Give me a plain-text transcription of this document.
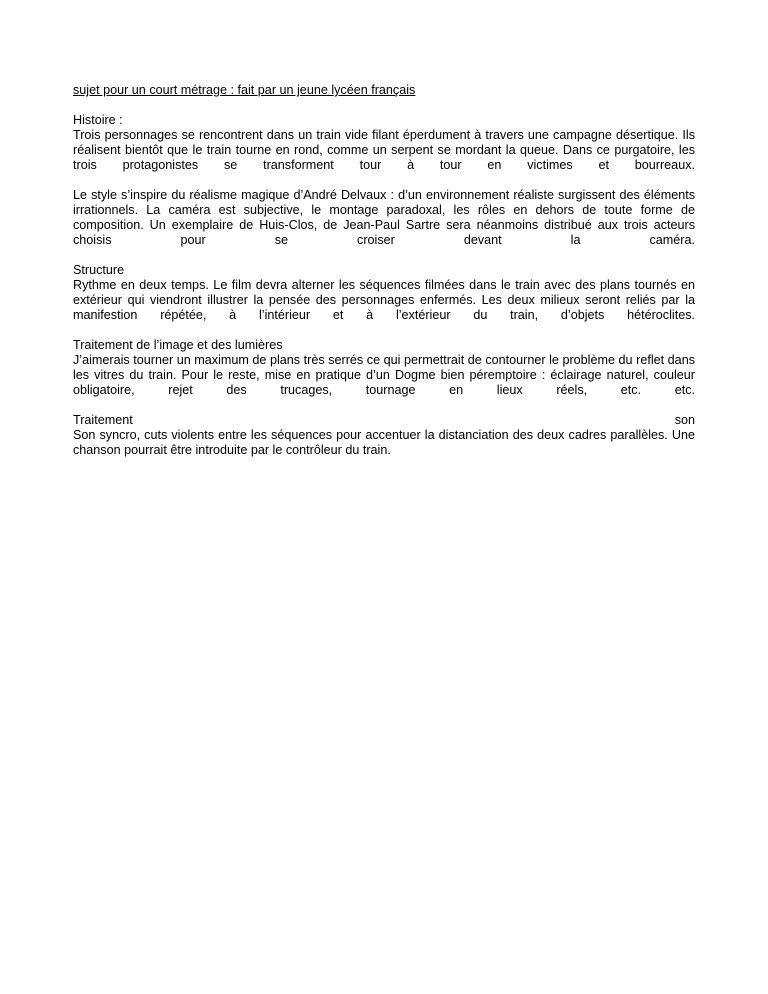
sujet pour un court métrage : fait par un jeune lycéen français

Histoire :

Trois personnages se rencontrent dans un train vide filant éperdument à travers une campagne désertique. Ils réalisent bientôt que le train tourne en rond, comme un serpent se mordant la queue. Dans ce purgatoire, les trois protagonistes se transforment tour à tour en victimes et bourreaux.

Le style s’inspire du réalisme magique d’André Delvaux : d’un environnement réaliste surgissent des éléments irrationnels. La caméra est subjective, le montage paradoxal, les rôles en dehors de toute forme de composition. Un exemplaire de Huis-Clos, de Jean-Paul Sartre sera néanmoins distribué aux trois acteurs choisis pour se croiser devant la caméra.

Structure

Rythme en deux temps. Le film devra alterner les séquences filmées dans le train avec des plans tournés en extérieur qui viendront illustrer la pensée des personnages enfermés. Les deux milieux seront reliés par la manifestion répétée, à l’intérieur et à l’extérieur du train, d’objets hétéroclites.

Traitement de l’image et des lumières

J’aimerais tourner un maximum de plans très serrés ce qui permettrait de contourner le problème du reflet dans les vitres du train. Pour le reste, mise en pratique d’un Dogme bien péremptoire : éclairage naturel, couleur obligatoire, rejet des trucages, tournage en lieux réels, etc. etc.

Traitement	son

Son syncro, cuts violents entre les séquences pour accentuer la distanciation des deux cadres parallèles. Une chanson pourrait être introduite par le contrôleur du train.
